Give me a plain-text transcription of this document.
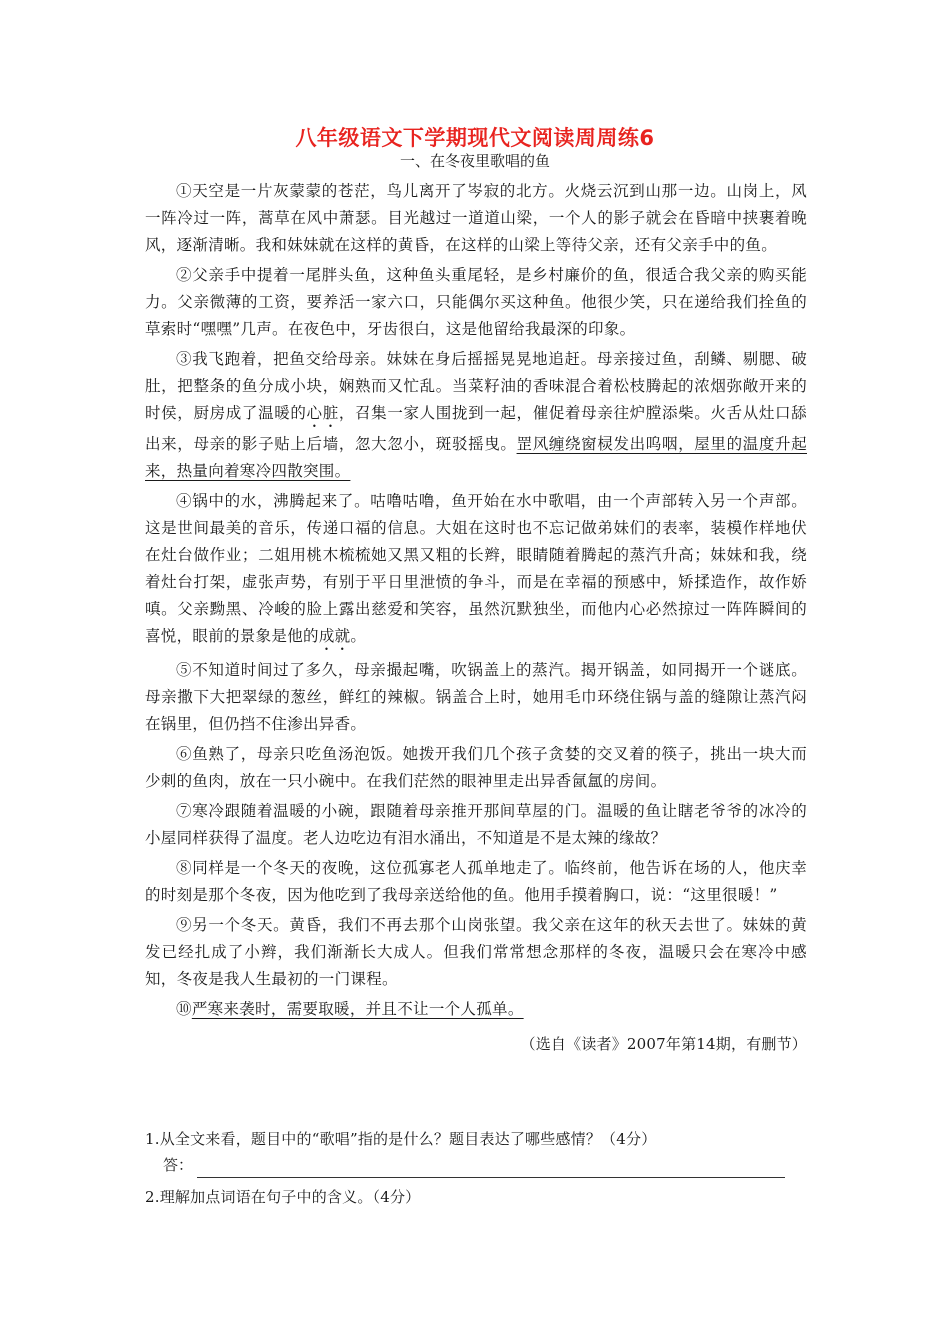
八年级语文下学期现代文阅读周周练6
一、在冬夜里歌唱的鱼

①天空是一片灰蒙蒙的苍茫，鸟儿离开了岑寂的北方。火烧云沉到山那一边。山岗上，风一阵冷过一阵，蒿草在风中萧瑟。目光越过一道道山梁，一个人的影子就会在昏暗中挟裹着晚风，逐渐清晰。我和妹妹就在这样的黄昏，在这样的山梁上等待父亲，还有父亲手中的鱼。

②父亲手中提着一尾胖头鱼，这种鱼头重尾轻，是乡村廉价的鱼，很适合我父亲的购买能力。父亲微薄的工资，要养活一家六口，只能偶尔买这种鱼。他很少笑，只在递给我们拴鱼的草索时“嘿嘿”几声。在夜色中，牙齿很白，这是他留给我最深的印象。

③我飞跑着，把鱼交给母亲。妹妹在身后摇摇晃晃地追赶。母亲接过鱼，刮鳞、剔腮、破肚，把整条的鱼分成小块，娴熟而又忙乱。当菜籽油的香味混合着松枝腾起的浓烟弥敞开来的时侯，厨房成了温暖的心脏，召集一家人围拢到一起，催促着母亲往炉膛添柴。火舌从灶口舔出来，母亲的影子贴上后墙，忽大忽小，斑驳摇曳。罡风缠绕窗棂发出呜咽，屋里的温度升起来，热量向着寒冷四散突围。

④锅中的水，沸腾起来了。咕噜咕噜，鱼开始在水中歌唱，由一个声部转入另一个声部。这是世间最美的音乐，传递口福的信息。大姐在这时也不忘记做弟妹们的表率，装模作样地伏在灶台做作业；二姐用桃木梳梳她又黑又粗的长辫，眼睛随着腾起的蒸汽升高；妹妹和我，绕着灶台打架，虚张声势，有别于平日里泄愤的争斗，而是在幸福的预感中，矫揉造作，故作娇嗔。父亲黝黑、冷峻的脸上露出慈爱和笑容，虽然沉默独坐，而他内心必然掠过一阵阵瞬间的喜悦，眼前的景象是他的成就。

⑤不知道时间过了多久，母亲撮起嘴，吹锅盖上的蒸汽。揭开锅盖，如同揭开一个谜底。母亲撒下大把翠绿的葱丝，鲜红的辣椒。锅盖合上时，她用毛巾环绕住锅与盖的缝隙让蒸汽闷在锅里，但仍挡不住渗出异香。

⑥鱼熟了，母亲只吃鱼汤泡饭。她拨开我们几个孩子贪婪的交叉着的筷子，挑出一块大而少刺的鱼肉，放在一只小碗中。在我们茫然的眼神里走出异香氤氲的房间。

⑦寒冷跟随着温暖的小碗，跟随着母亲推开那间草屋的门。温暖的鱼让瞎老爷爷的冰冷的小屋同样获得了温度。老人边吃边有泪水涌出，不知道是不是太辣的缘故？

⑧同样是一个冬天的夜晚，这位孤寡老人孤单地走了。临终前，他告诉在场的人，他庆幸的时刻是那个冬夜，因为他吃到了我母亲送给他的鱼。他用手摸着胸口，说：“这里很暖！”

⑨另一个冬天。黄昏，我们不再去那个山岗张望。我父亲在这年的秋天去世了。妹妹的黄发已经扎成了小辫，我们渐渐长大成人。但我们常常想念那样的冬夜，温暖只会在寒冷中感知，冬夜是我人生最初的一门课程。

⑩严寒来袭时，需要取暖，并且不让一个人孤单。

（选自《读者》2007年第14期，有删节）
1.从全文来看，题目中的“歌唱”指的是什么？题目表达了哪些感情？（4分）
答：
2.理解加点词语在句子中的含义。（4分）
